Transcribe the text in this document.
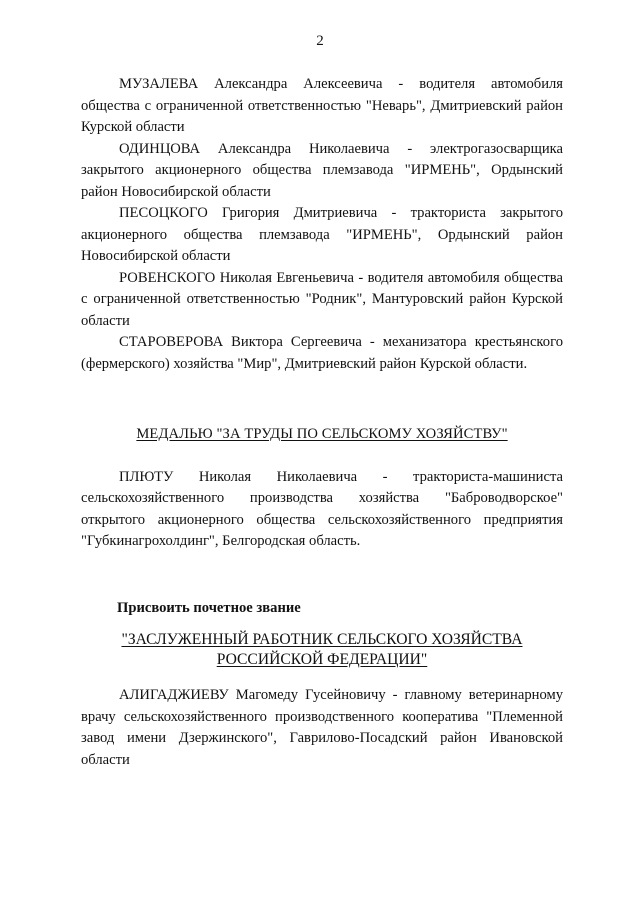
2

МУЗАЛЕВА Александра Алексеевича - водителя автомобиля общества с ограниченной ответственностью "Неварь", Дмитриевский район Курской области

ОДИНЦОВА Александра Николаевича - электрогазосварщика закрытого акционерного общества племзавода "ИРМЕНЬ", Ордынский район Новосибирской области

ПЕСОЦКОГО Григория Дмитриевича - тракториста закрытого акционерного общества племзавода "ИРМЕНЬ", Ордынский район Новосибирской области

РОВЕНСКОГО Николая Евгеньевича - водителя автомобиля общества с ограниченной ответственностью "Родник", Мантуровский район Курской области

СТАРОВЕРОВА Виктора Сергеевича - механизатора крестьянского (фермерского) хозяйства "Мир", Дмитриевский район Курской области.

МЕДАЛЬЮ "ЗА ТРУДЫ ПО СЕЛЬСКОМУ ХОЗЯЙСТВУ"

ПЛЮТУ Николая Николаевича - тракториста-машиниста сельскохозяйственного производства хозяйства "Баброводворское" открытого акционерного общества сельскохозяйственного предприятия "Губкинагрохолдинг", Белгородская область.

Присвоить почетное звание
"ЗАСЛУЖЕННЫЙ РАБОТНИК СЕЛЬСКОГО ХОЗЯЙСТВА
РОССИЙСКОЙ ФЕДЕРАЦИИ"

АЛИГАДЖИЕВУ Магомеду Гусейновичу - главному ветеринарному врачу сельскохозяйственного производственного кооператива "Племенной завод имени Дзержинского", Гаврилово-Посадский район Ивановской области
